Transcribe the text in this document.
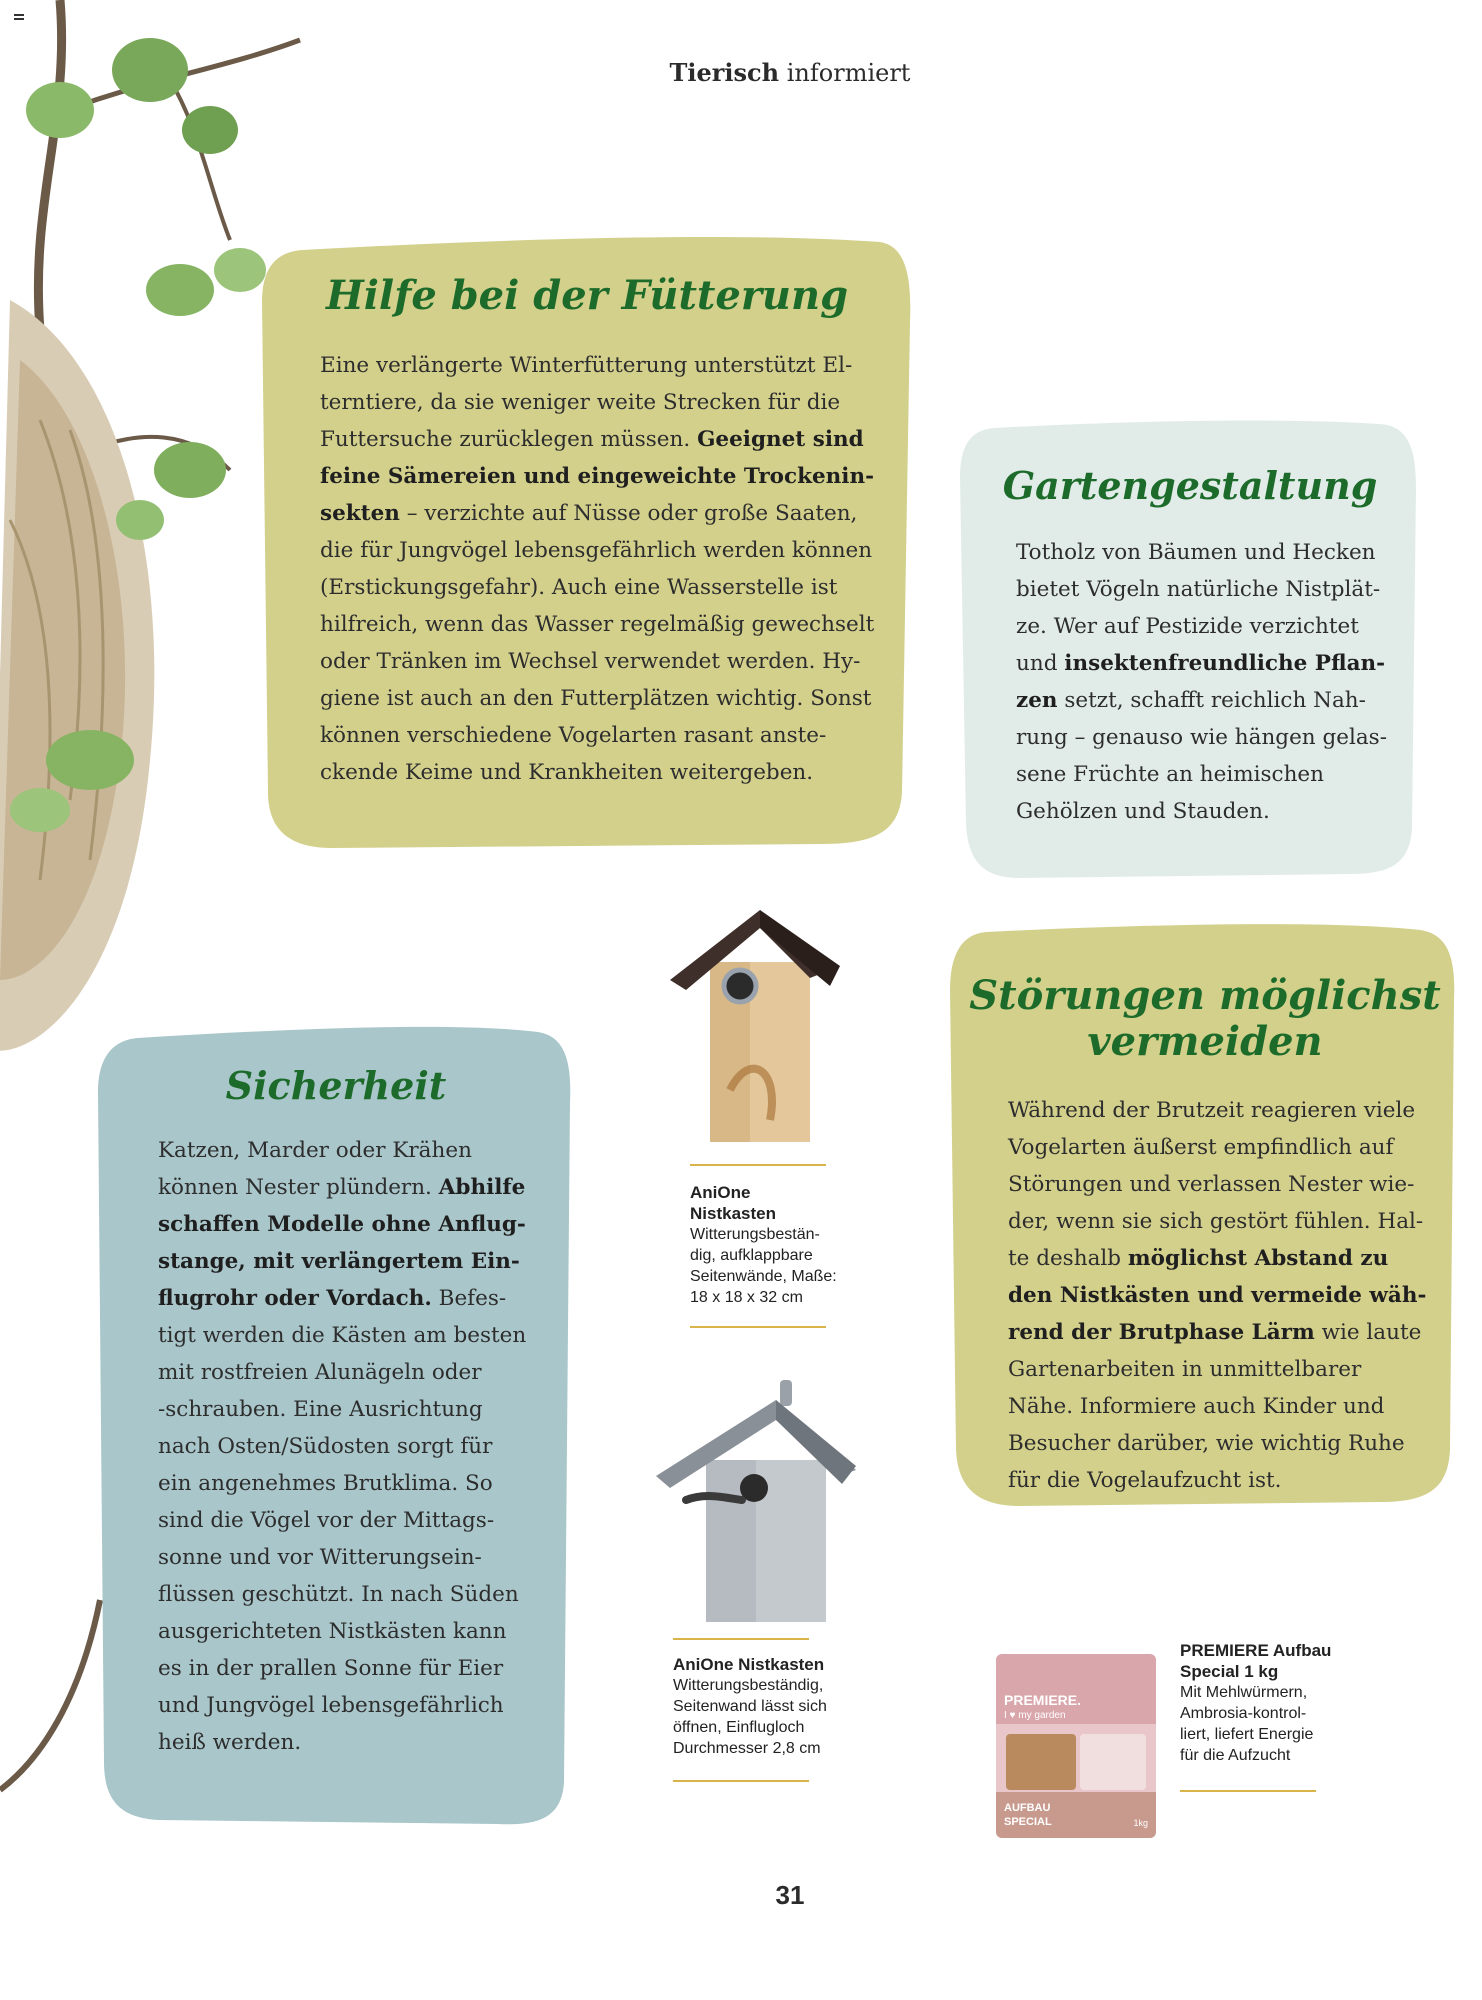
Tierisch informiert
Hilfe bei der Fütterung
Eine verlängerte Winterfütterung unterstützt El-
terntiere, da sie weniger weite Strecken für die
Futtersuche zurücklegen müssen. Geeignet sind
feine Sämereien und eingeweichte Trockenin-
sekten – verzichte auf Nüsse oder große Saaten,
die für Jungvögel lebensgefährlich werden können
(Erstickungsgefahr). Auch eine Wasserstelle ist
hilfreich, wenn das Wasser regelmäßig gewechselt
oder Tränken im Wechsel verwendet werden. Hy-
giene ist auch an den Futterplätzen wichtig. Sonst
können verschiedene Vogelarten rasant anste-
ckende Keime und Krankheiten weitergeben.
Gartengestaltung
Totholz von Bäumen und Hecken
bietet Vögeln natürliche Nistplät-
ze. Wer auf Pestizide verzichtet
und insektenfreundliche Pflan-
zen setzt, schafft reichlich Nah-
rung – genauso wie hängen gelas-
sene Früchte an heimischen
Gehölzen und Stauden.
Störungen möglichst
vermeiden
Während der Brutzeit reagieren viele
Vogelarten äußerst empfindlich auf
Störungen und verlassen Nester wie-
der, wenn sie sich gestört fühlen. Hal-
te deshalb möglichst Abstand zu
den Nistkästen und vermeide wäh-
rend der Brutphase Lärm wie laute
Gartenarbeiten in unmittelbarer
Nähe. Informiere auch Kinder und
Besucher darüber, wie wichtig Ruhe
für die Vogelaufzucht ist.
Sicherheit
Katzen, Marder oder Krähen
können Nester plündern. Abhilfe
schaffen Modelle ohne Anflug-
stange, mit verlängertem Ein-
flugrohr oder Vordach. Befes-
tigt werden die Kästen am besten
mit rostfreien Alunägeln oder
-schrauben. Eine Ausrichtung
nach Osten/Südosten sorgt für
ein angenehmes Brutklima. So
sind die Vögel vor der Mittags-
sonne und vor Witterungsein-
flüssen geschützt. In nach Süden
ausgerichteten Nistkästen kann
es in der prallen Sonne für Eier
und Jungvögel lebensgefährlich
heiß werden.
AniOne
Nistkasten
Witterungsbestän-
dig, aufklappbare
Seitenwände, Maße:
18 x 18 x 32 cm
AniOne Nistkasten
Witterungsbeständig,
Seitenwand lässt sich
öffnen, Einflugloch
Durchmesser 2,8 cm
PREMIERE.
I ♥ my garden
AUFBAU
SPECIAL	1kg
PREMIERE Aufbau
Special 1 kg
Mit Mehlwürmern,
Ambrosia-kontrol-
liert, liefert Energie
für die Aufzucht
31
